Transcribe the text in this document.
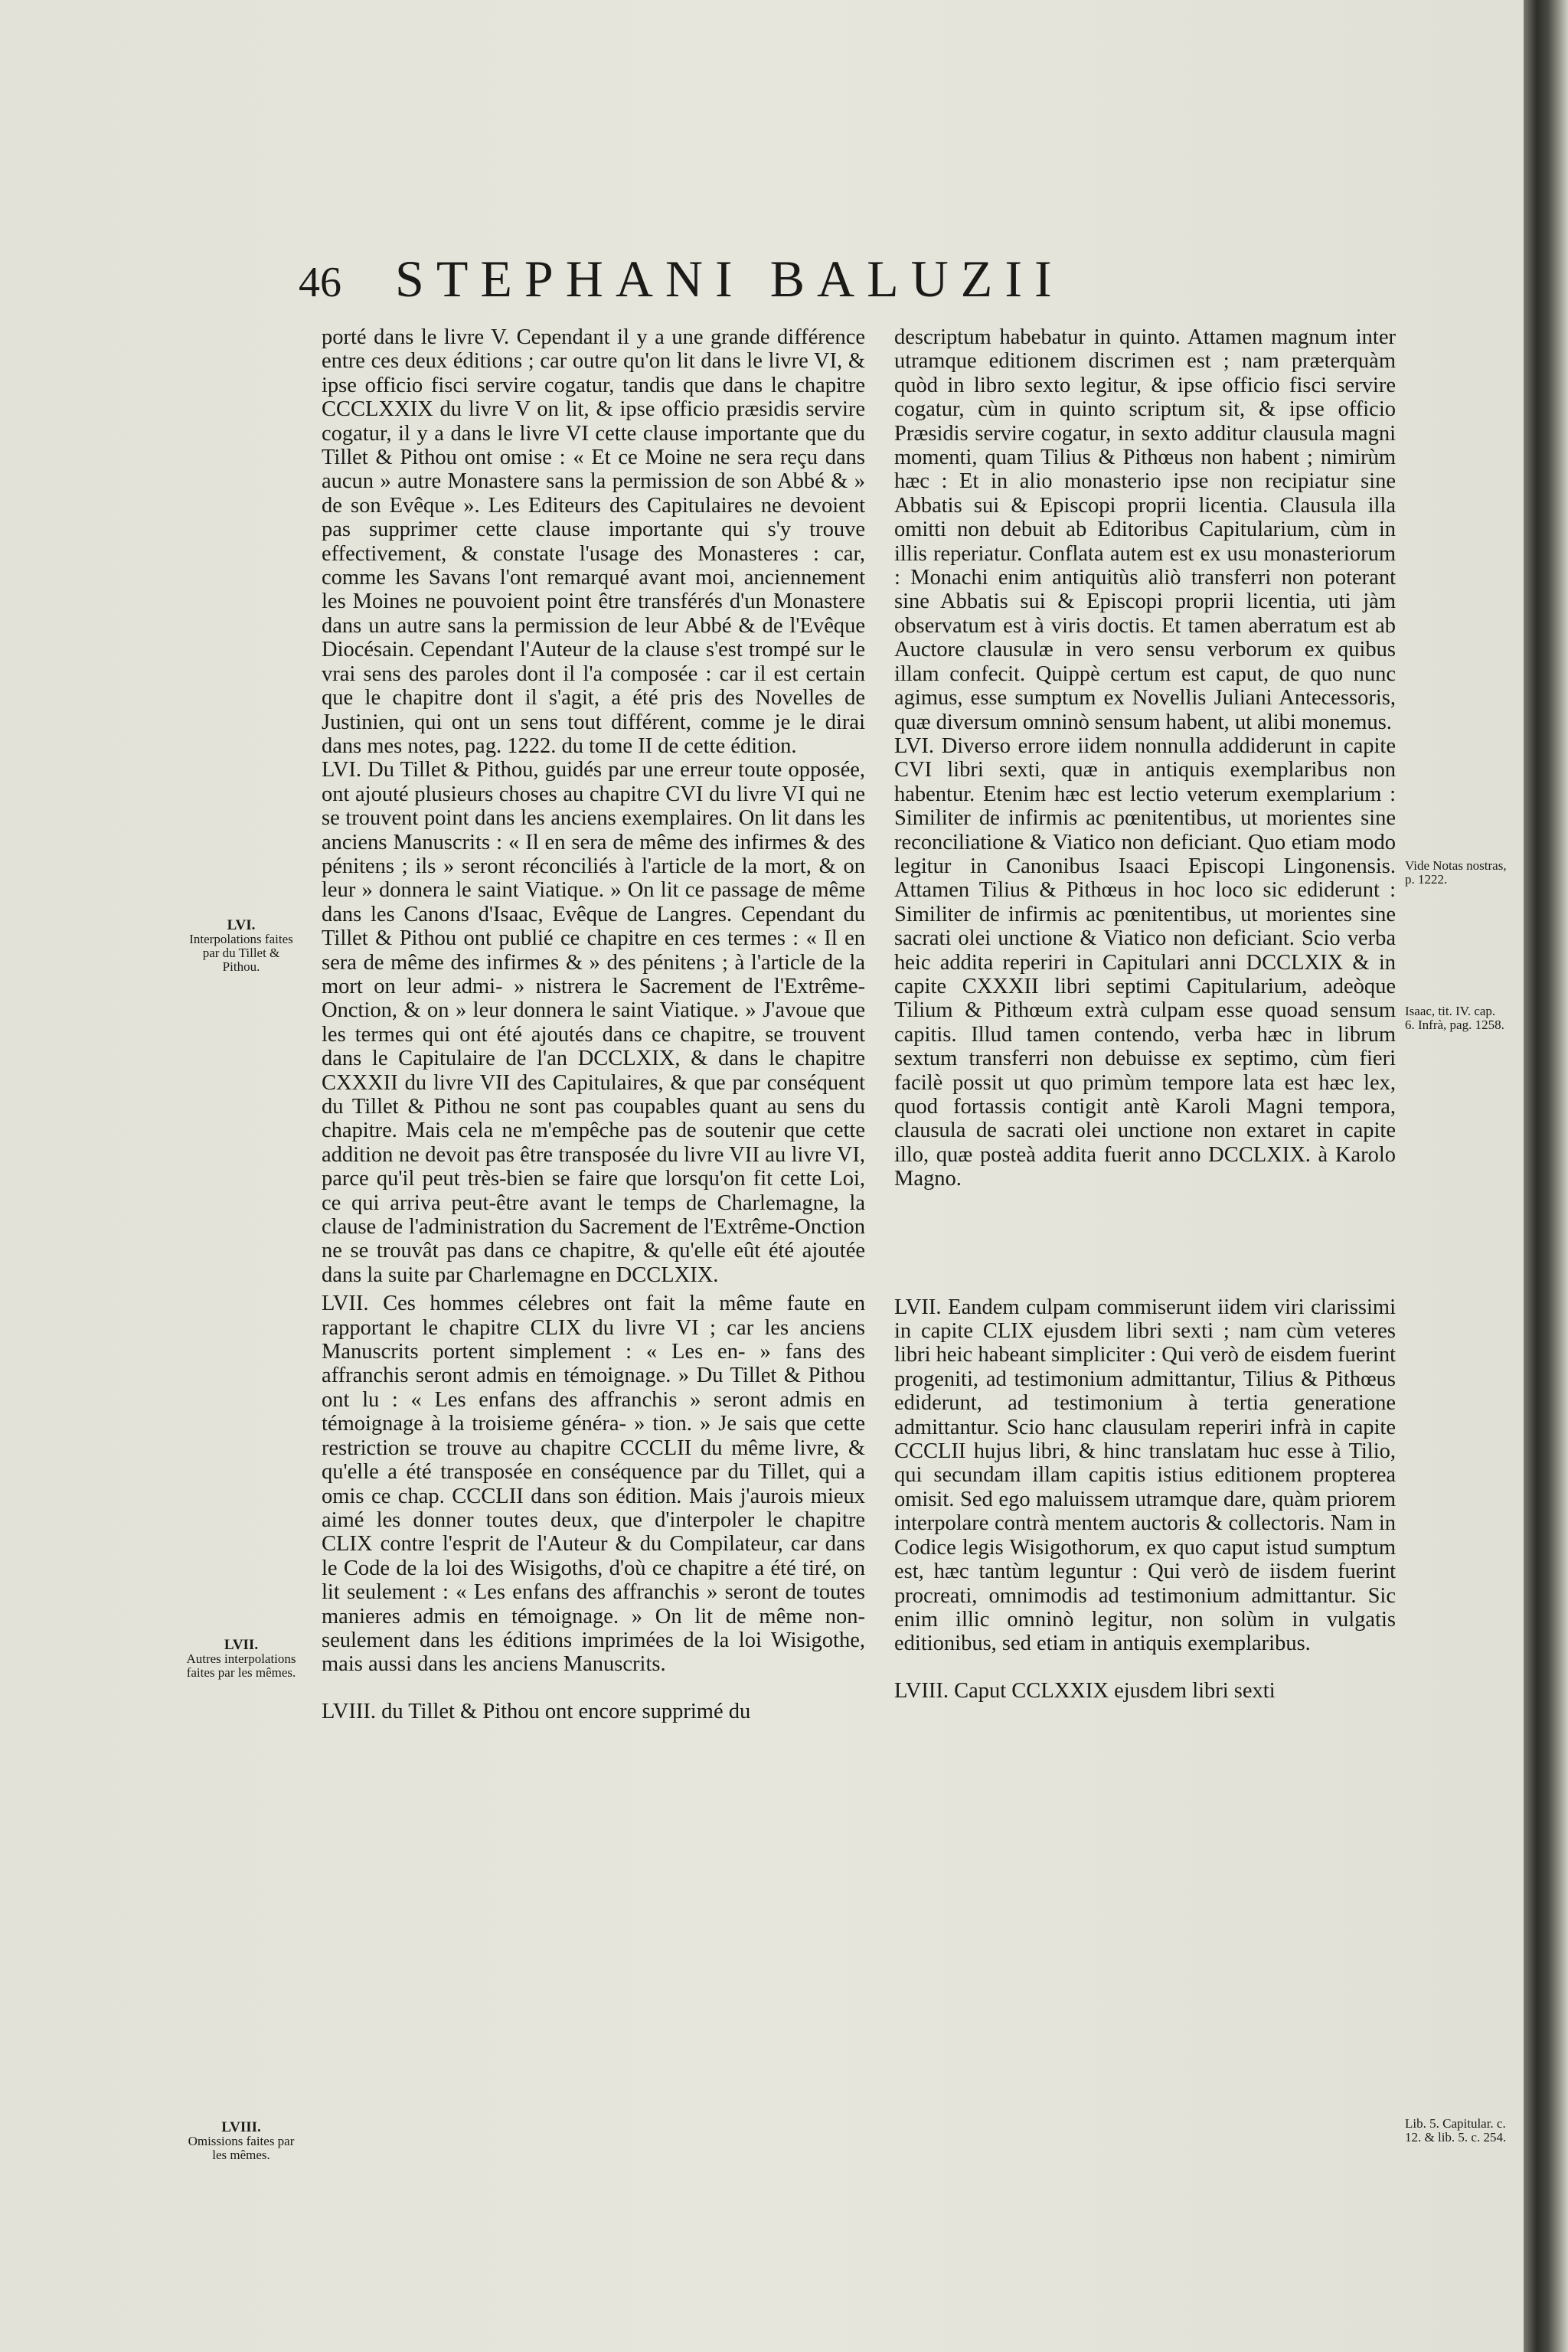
46 STEPHANI BALUZII

porté dans le livre V. Cependant il y a une grande différence entre ces deux éditions ; car outre qu'on lit dans le livre VI, & ipse officio fisci servire cogatur, tandis que dans le chapitre CCCLXXIX du livre V on lit, & ipse officio præsidis servire cogatur, il y a dans le livre VI cette clause importante que du Tillet & Pithou ont omise : « Et ce Moine ne sera reçu dans aucun » autre Monastere sans la permission de son Abbé & » de son Evêque ». Les Editeurs des Capitulaires ne devoient pas supprimer cette clause importante qui s'y trouve effectivement, & constate l'usage des Monasteres : car, comme les Savans l'ont remarqué avant moi, anciennement les Moines ne pouvoient point être transférés d'un Monastere dans un autre sans la permission de leur Abbé & de l'Evêque Diocésain. Cependant l'Auteur de la clause s'est trompé sur le vrai sens des paroles dont il l'a composée : car il est certain que le chapitre dont il s'agit, a été pris des Novelles de Justinien, qui ont un sens tout différent, comme je le dirai dans mes notes, pag. 1222. du tome II de cette édition.

LVI. Du Tillet & Pithou, guidés par une erreur toute opposée, ont ajouté plusieurs choses au chapitre CVI du livre VI qui ne se trouvent point dans les anciens exemplaires. On lit dans les anciens Manuscrits : « Il en sera de même des infirmes & des pénitens ; ils » seront réconciliés à l'article de la mort, & on leur » donnera le saint Viatique. » On lit ce passage de même dans les Canons d'Isaac, Evêque de Langres. Cependant du Tillet & Pithou ont publié ce chapitre en ces termes : « Il en sera de même des infirmes & » des pénitens ; à l'article de la mort on leur admi- » nistrera le Sacrement de l'Extrême-Onction, & on » leur donnera le saint Viatique. » J'avoue que les termes qui ont été ajoutés dans ce chapitre, se trouvent dans le Capitulaire de l'an DCCLXIX, & dans le chapitre CXXXII du livre VII des Capitulaires, & que par conséquent du Tillet & Pithou ne sont pas coupables quant au sens du chapitre. Mais cela ne m'empêche pas de soutenir que cette addition ne devoit pas être transposée du livre VII au livre VI, parce qu'il peut très-bien se faire que lorsqu'on fit cette Loi, ce qui arriva peut-être avant le temps de Charlemagne, la clause de l'administration du Sacrement de l'Extrême-Onction ne se trouvât pas dans ce chapitre, & qu'elle eût été ajoutée dans la suite par Charlemagne en DCCLXIX.

LVII. Ces hommes célebres ont fait la même faute en rapportant le chapitre CLIX du livre VI ; car les anciens Manuscrits portent simplement : « Les en- » fans des affranchis seront admis en témoignage. » Du Tillet & Pithou ont lu : « Les enfans des affranchis » seront admis en témoignage à la troisieme généra- » tion. » Je sais que cette restriction se trouve au chapitre CCCLII du même livre, & qu'elle a été transposée en conséquence par du Tillet, qui a omis ce chap. CCCLII dans son édition. Mais j'aurois mieux aimé les donner toutes deux, que d'interpoler le chapitre CLIX contre l'esprit de l'Auteur & du Compilateur, car dans le Code de la loi des Wisigoths, d'où ce chapitre a été tiré, on lit seulement : « Les enfans des affranchis » seront de toutes manieres admis en témoignage. » On lit de même non-seulement dans les éditions imprimées de la loi Wisigothe, mais aussi dans les anciens Manuscrits.

LVIII. du Tillet & Pithou ont encore supprimé du

descriptum habebatur in quinto. Attamen magnum inter utramque editionem discrimen est ; nam præterquàm quòd in libro sexto legitur, & ipse officio fisci servire cogatur, cùm in quinto scriptum sit, & ipse officio Præsidis servire cogatur, in sexto additur clausula magni momenti, quam Tilius & Pithœus non habent ; nimirùm hæc : Et in alio monasterio ipse non recipiatur sine Abbatis sui & Episcopi proprii licentia. Clausula illa omitti non debuit ab Editoribus Capitularium, cùm in illis reperiatur. Conflata autem est ex usu monasteriorum : Monachi enim antiquitùs aliò transferri non poterant sine Abbatis sui & Episcopi proprii licentia, uti jàm observatum est à viris doctis. Et tamen aberratum est ab Auctore clausulæ in vero sensu verborum ex quibus illam confecit. Quippè certum est caput, de quo nunc agimus, esse sumptum ex Novellis Juliani Antecessoris, quæ diversum omninò sensum habent, ut alibi monemus.

LVI. Diverso errore iidem nonnulla addiderunt in capite CVI libri sexti, quæ in antiquis exemplaribus non habentur. Etenim hæc est lectio veterum exemplarium : Similiter de infirmis ac pœnitentibus, ut morientes sine reconciliatione & Viatico non deficiant. Quo etiam modo legitur in Canonibus Isaaci Episcopi Lingonensis. Attamen Tilius & Pithœus in hoc loco sic ediderunt : Similiter de infirmis ac pœnitentibus, ut morientes sine sacrati olei unctione & Viatico non deficiant. Scio verba heic addita reperiri in Capitulari anni DCCLXIX & in capite CXXXII libri septimi Capitularium, adeòque Tilium & Pithœum extrà culpam esse quoad sensum capitis. Illud tamen contendo, verba hæc in librum sextum transferri non debuisse ex septimo, cùm fieri facilè possit ut quo primùm tempore lata est hæc lex, quod fortassis contigit antè Karoli Magni tempora, clausula de sacrati olei unctione non extaret in capite illo, quæ posteà addita fuerit anno DCCLXIX. à Karolo Magno.

LVII. Eandem culpam commiserunt iidem viri clarissimi in capite CLIX ejusdem libri sexti ; nam cùm veteres libri heic habeant simpliciter : Qui verò de eisdem fuerint progeniti, ad testimonium admittantur, Tilius & Pithœus ediderunt, ad testimonium à tertia generatione admittantur. Scio hanc clausulam reperiri infrà in capite CCCLII hujus libri, & hinc translatam huc esse à Tilio, qui secundam illam capitis istius editionem propterea omisit. Sed ego maluissem utramque dare, quàm priorem interpolare contrà mentem auctoris & collectoris. Nam in Codice legis Wisigothorum, ex quo caput istud sumptum est, hæc tantùm leguntur : Qui verò de iisdem fuerint procreati, omnimodis ad testimonium admittantur. Sic enim illic omninò legitur, non solùm in vulgatis editionibus, sed etiam in antiquis exemplaribus.

LVIII. Caput CCLXXIX ejusdem libri sexti

LVI.
Interpolations faites par du Tillet & Pithou.
LVII.
Autres interpolations faites par les mêmes.
LVIII.
Omissions faites par les mêmes.
Vide Notas nostras, p. 1222.
Isaac, tit. IV. cap. 6. Infrà, pag. 1258.
Lib. 5. Capitular. c. 12. & lib. 5. c. 254.
